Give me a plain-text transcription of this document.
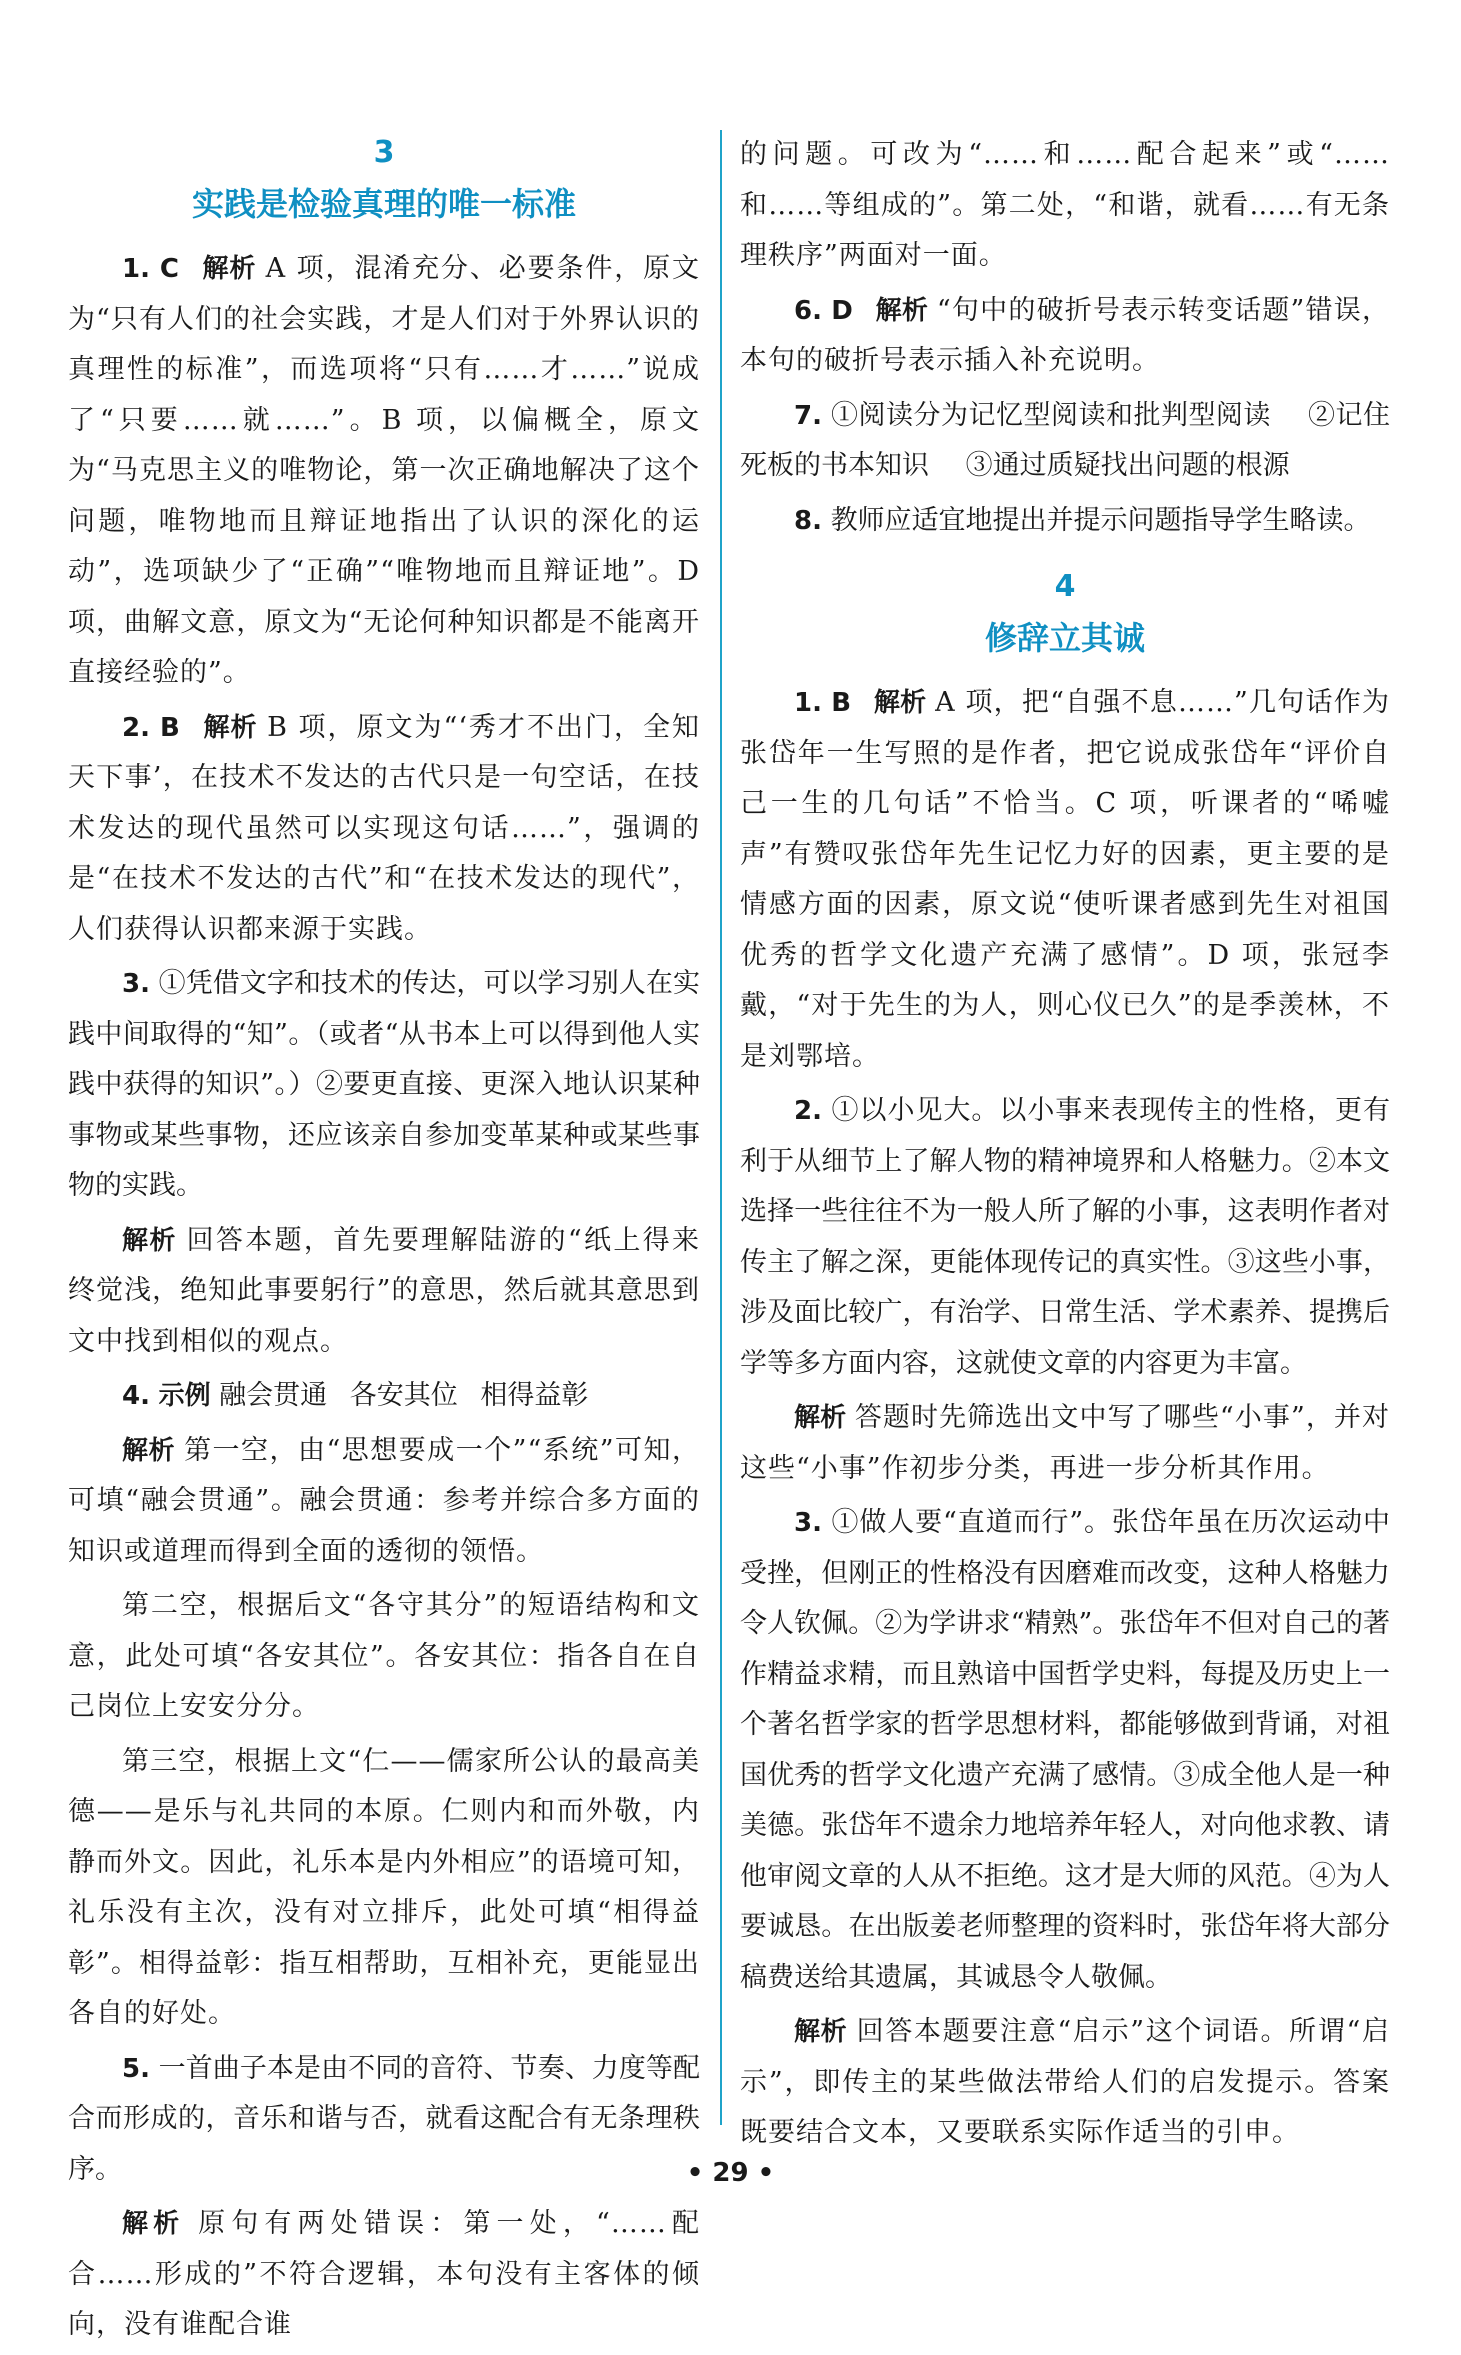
3
实践是检验真理的唯一标准

1. C 解析 A 项，混淆充分、必要条件，原文为“只有人们的社会实践，才是人们对于外界认识的真理性的标准”，而选项将“只有……才……”说成了“只要……就……”。B 项，以偏概全，原文为“马克思主义的唯物论，第一次正确地解决了这个问题，唯物地而且辩证地指出了认识的深化的运动”，选项缺少了“正确”“唯物地而且辩证地”。D 项，曲解文意，原文为“无论何种知识都是不能离开直接经验的”。

2. B 解析 B 项，原文为“‘秀才不出门，全知天下事’，在技术不发达的古代只是一句空话，在技术发达的现代虽然可以实现这句话……”，强调的是“在技术不发达的古代”和“在技术发达的现代”，人们获得认识都来源于实践。

3. ①凭借文字和技术的传达，可以学习别人在实践中间取得的“知”。（或者“从书本上可以得到他人实践中获得的知识”。）②要更直接、更深入地认识某种事物或某些事物，还应该亲自参加变革某种或某些事物的实践。

解析 回答本题，首先要理解陆游的“纸上得来终觉浅，绝知此事要躬行”的意思，然后就其意思到文中找到相似的观点。

4. 示例 融会贯通 各安其位 相得益彰

解析 第一空，由“思想要成一个”“系统”可知，可填“融会贯通”。融会贯通：参考并综合多方面的知识或道理而得到全面的透彻的领悟。

第二空，根据后文“各守其分”的短语结构和文意，此处可填“各安其位”。各安其位：指各自在自己岗位上安安分分。

第三空，根据上文“仁——儒家所公认的最高美德——是乐与礼共同的本原。仁则内和而外敬，内静而外文。因此，礼乐本是内外相应”的语境可知，礼乐没有主次，没有对立排斥，此处可填“相得益彰”。相得益彰：指互相帮助，互相补充，更能显出各自的好处。

5. 一首曲子本是由不同的音符、节奏、力度等配合而形成的，音乐和谐与否，就看这配合有无条理秩序。

解析 原句有两处错误：第一处，“……配合……形成的”不符合逻辑，本句没有主客体的倾向，没有谁配合谁

的问题。可改为“……和……配合起来”或“……和……等组成的”。第二处，“和谐，就看……有无条理秩序”两面对一面。

6. D 解析 “句中的破折号表示转变话题”错误，本句的破折号表示插入补充说明。

7. ①阅读分为记忆型阅读和批判型阅读 ②记住死板的书本知识 ③通过质疑找出问题的根源

8. 教师应适宜地提出并提示问题指导学生略读。

4
修辞立其诚

1. B 解析 A 项，把“自强不息……”几句话作为张岱年一生写照的是作者，把它说成张岱年“评价自己一生的几句话”不恰当。C 项，听课者的“唏嘘声”有赞叹张岱年先生记忆力好的因素，更主要的是情感方面的因素，原文说“使听课者感到先生对祖国优秀的哲学文化遗产充满了感情”。D 项，张冠李戴，“对于先生的为人，则心仪已久”的是季羡林，不是刘鄂培。

2. ①以小见大。以小事来表现传主的性格，更有利于从细节上了解人物的精神境界和人格魅力。②本文选择一些往往不为一般人所了解的小事，这表明作者对传主了解之深，更能体现传记的真实性。③这些小事，涉及面比较广，有治学、日常生活、学术素养、提携后学等多方面内容，这就使文章的内容更为丰富。

解析 答题时先筛选出文中写了哪些“小事”，并对这些“小事”作初步分类，再进一步分析其作用。

3. ①做人要“直道而行”。张岱年虽在历次运动中受挫，但刚正的性格没有因磨难而改变，这种人格魅力令人钦佩。②为学讲求“精熟”。张岱年不但对自己的著作精益求精，而且熟谙中国哲学史料，每提及历史上一个著名哲学家的哲学思想材料，都能够做到背诵，对祖国优秀的哲学文化遗产充满了感情。③成全他人是一种美德。张岱年不遗余力地培养年轻人，对向他求教、请他审阅文章的人从不拒绝。这才是大师的风范。④为人要诚恳。在出版姜老师整理的资料时，张岱年将大部分稿费送给其遗属，其诚恳令人敬佩。

解析 回答本题要注意“启示”这个词语。所谓“启示”，即传主的某些做法带给人们的启发提示。答案既要结合文本，又要联系实际作适当的引申。

• 29 •
